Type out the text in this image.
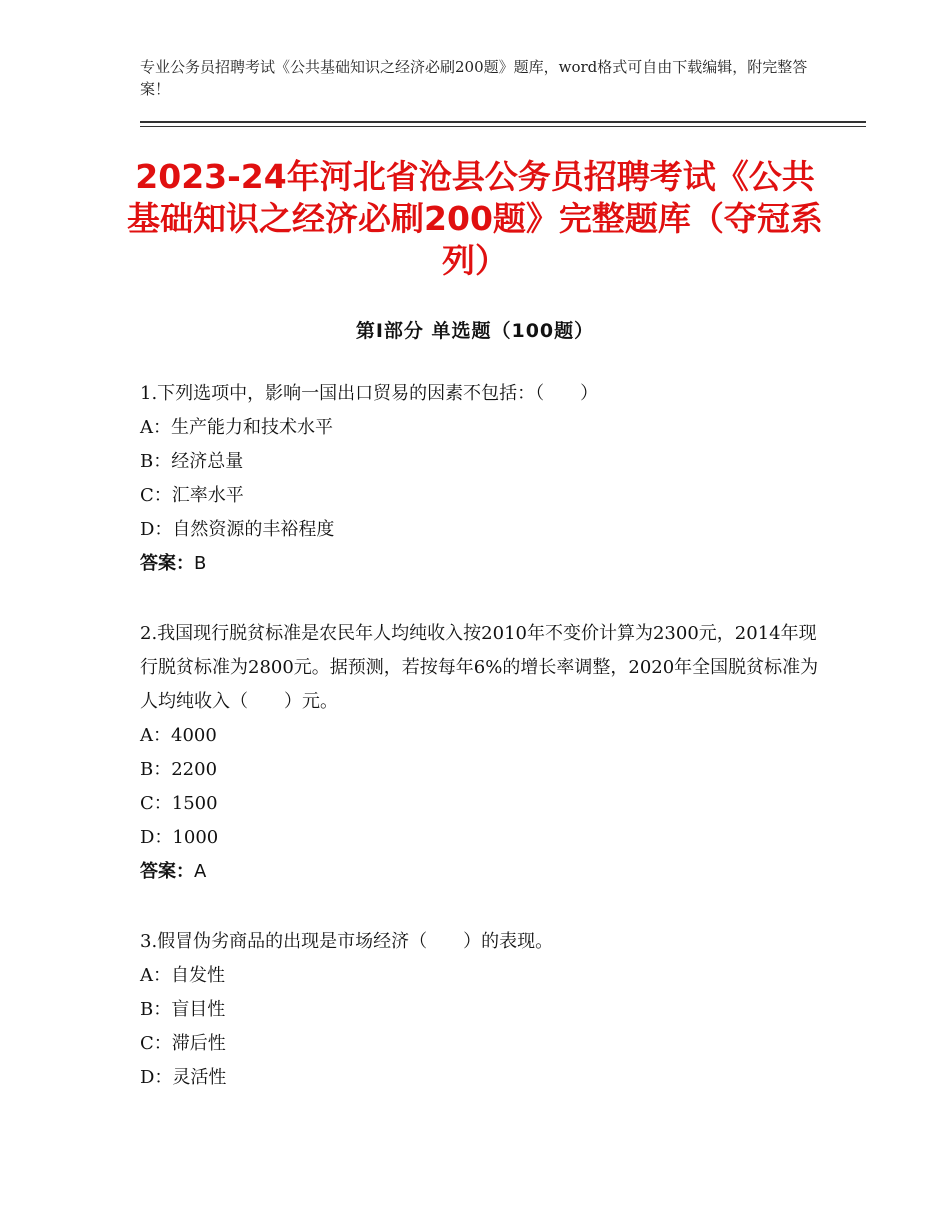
专业公务员招聘考试《公共基础知识之经济必刷200题》题库，word格式可自由下载编辑，附完整答案！
2023-24年河北省沧县公务员招聘考试《公共基础知识之经济必刷200题》完整题库（夺冠系列）
第Ⅰ部分 单选题（100题）
1.下列选项中，影响一国出口贸易的因素不包括：（　　）
A：生产能力和技术水平
B：经济总量
C：汇率水平
D：自然资源的丰裕程度
答案：B
2.我国现行脱贫标准是农民年人均纯收入按2010年不变价计算为2300元，2014年现行脱贫标准为2800元。据预测，若按每年6%的增长率调整，2020年全国脱贫标准为人均纯收入（　　）元。
A：4000
B：2200
C：1500
D：1000
答案：A
3.假冒伪劣商品的出现是市场经济（　　）的表现。
A：自发性
B：盲目性
C：滞后性
D：灵活性
